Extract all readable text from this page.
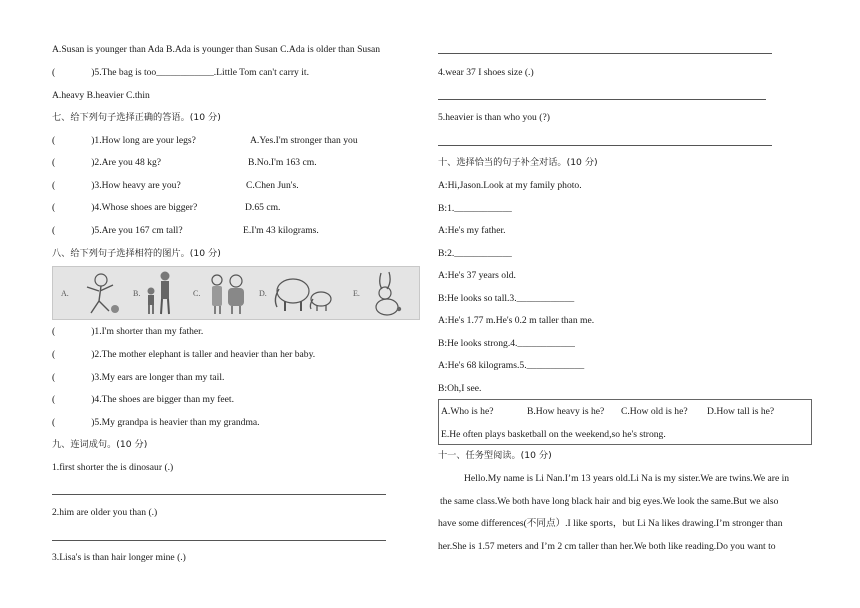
A.Susan is younger than Ada B.Ada is younger than Susan C.Ada is older than Susan
(	)5.The bag is too____________.Little Tom can't carry it.
A.heavy B.heavier C.thin
七、给下列句子选择正确的答语。(10 分)
(	)1.How long are your legs?	A.Yes.I'm stronger than you
(	)2.Are you 48 kg?	B.No.I'm 163 cm.
(	)3.How heavy are you?	C.Chen Jun's.
(	)4.Whose shoes are bigger?	D.65 cm.
(	)5.Are you 167 cm tall?	E.I'm 43 kilograms.
八、给下列句子选择相符的图片。(10 分)
A.	B.	C.	D.	E.
(	)1.I'm shorter than my father.
(	)2.The mother elephant is taller and heavier than her baby.
(	)3.My ears are longer than my tail.
(	)4.The shoes are bigger than my feet.
(	)5.My grandpa is heavier than my grandma.
九、连词成句。(10 分)
1.first shorter the is dinosaur (.)
2.him are older you than (.)
3.Lisa's is than hair longer mine (.)
4.wear 37 I shoes size (.)
5.heavier is than who you (?)
十、选择恰当的句子补全对话。(10 分)
A:Hi,Jason.Look at my family photo.
B:1.____________
A:He's my father.
B:2.____________
A:He's 37 years old.
B:He looks so tall.3.____________
A:He's 1.77 m.He's 0.2 m taller than me.
B:He looks strong.4.____________
A:He's 68 kilograms.5.____________
B:Oh,I see.
A.Who is he?	B.How heavy is he? C.How old is he? D.How tall is he?
E.He often plays basketball on the weekend,so he's strong.
十一、任务型阅读。(10 分)
Hello.My name is Li Nan.I’m 13 years old.Li Na is my sister.We are twins.We are in
the same class.We both have long black hair and big eyes.We look the same.But we also
have some differences(不同点）.I like sports，but Li Na likes drawing.I’m stronger than
her.She is 1.57 meters and I’m 2 cm taller than her.We both like reading.Do you want to
